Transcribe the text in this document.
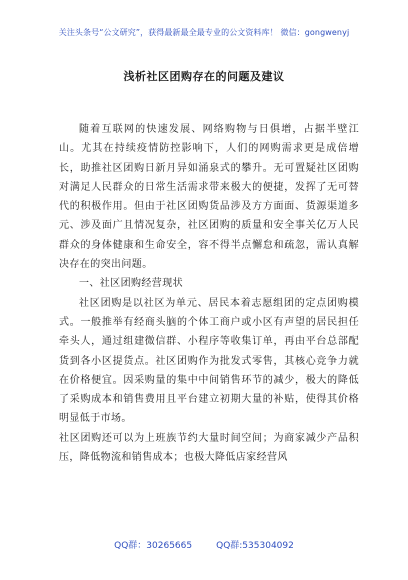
关注头条号“公文研究”，获得最新最全最专业的公文资料库！ 微信：gongwenyj
浅析社区团购存在的问题及建议

随着互联网的快速发展、网络购物与日俱增，占据半壁江山。尤其在持续疫情防控影响下，人们的网购需求更是成倍增长，助推社区团购日新月异如涌泉式的攀升。无可置疑社区团购对满足人民群众的日常生活需求带来极大的便捷，发挥了无可替代的积极作用。但由于社区团购货品涉及方方面面、货源渠道多元、涉及面广且情况复杂，社区团购的质量和安全事关亿万人民群众的身体健康和生命安全，容不得半点懈怠和疏忽，需认真解决存在的突出问题。

一、社区团购经营现状

社区团购是以社区为单元、居民本着志愿组团的定点团购模式。一般推举有经商头脑的个体工商户或小区有声望的居民担任牵头人，通过组建微信群、小程序等收集订单，再由平台总部配货到各小区提货点。社区团购作为批发式零售，其核心竞争力就在价格便宜。因采购量的集中中间销售环节的减少，极大的降低了采购成本和销售费用且平台建立初期大量的补贴，使得其价格明显低于市场。

社区团购还可以为上班族节约大量时间空间；为商家减少产品积压，降低物流和销售成本；也极大降低店家经营风

QQ群：30265665	QQ群:535304092
